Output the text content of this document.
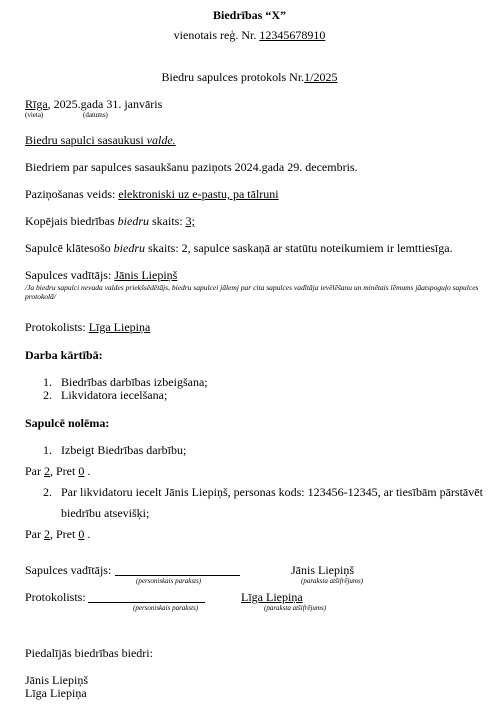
Biedrības “X”
vienotais reģ. Nr. 12345678910
Biedru sapulces protokols Nr.1/2025
Rīga, 2025.gada 31. janvāris
(vieta)	(datums)
Biedru sapulci sasaukusi valde.
Biedriem par sapulces sasaukšanu paziņots 2024.gada 29. decembris.
Paziņošanas veids: elektroniski uz e-pastu, pa tālruni
Kopējais biedrības biedru skaits: 3;
Sapulcē klātesošo biedru skaits: 2, sapulce saskaņā ar statūtu noteikumiem ir lemttiesīga.
Sapulces vadītājs: Jānis Liepiņš
/Ja biedru sapulci nevada valdes priekšsēdētājs, biedru sapulcei jālemj par cita sapulces vadītāja ievēlēšanu un minētais lēmums jāatspoguļo sapulces protokolā/
Protokolists: Līga Liepiņa
Darba kārtībā:
1. Biedrības darbības izbeigšana;
2. Likvidatora iecelšana;
Sapulcē nolēma:
1. Izbeigt Biedrības darbību;
Par 2, Pret 0 .
2. Par likvidatoru iecelt Jānis Liepiņš, personas kods: 123456-12345, ar tiesībām pārstāvēt
biedrību atsevišķi;
Par 2, Pret 0 .
Sapulces vadītājs:	Jānis Liepiņš
(personiskais paraksts)	(paraksta atšifrējums)
Protokolists:	Līga Liepiņa
(personiskais paraksts)	(paraksta atšifrējums)
Piedalījās biedrības biedri:
Jānis Liepiņš
Līga Liepiņa
